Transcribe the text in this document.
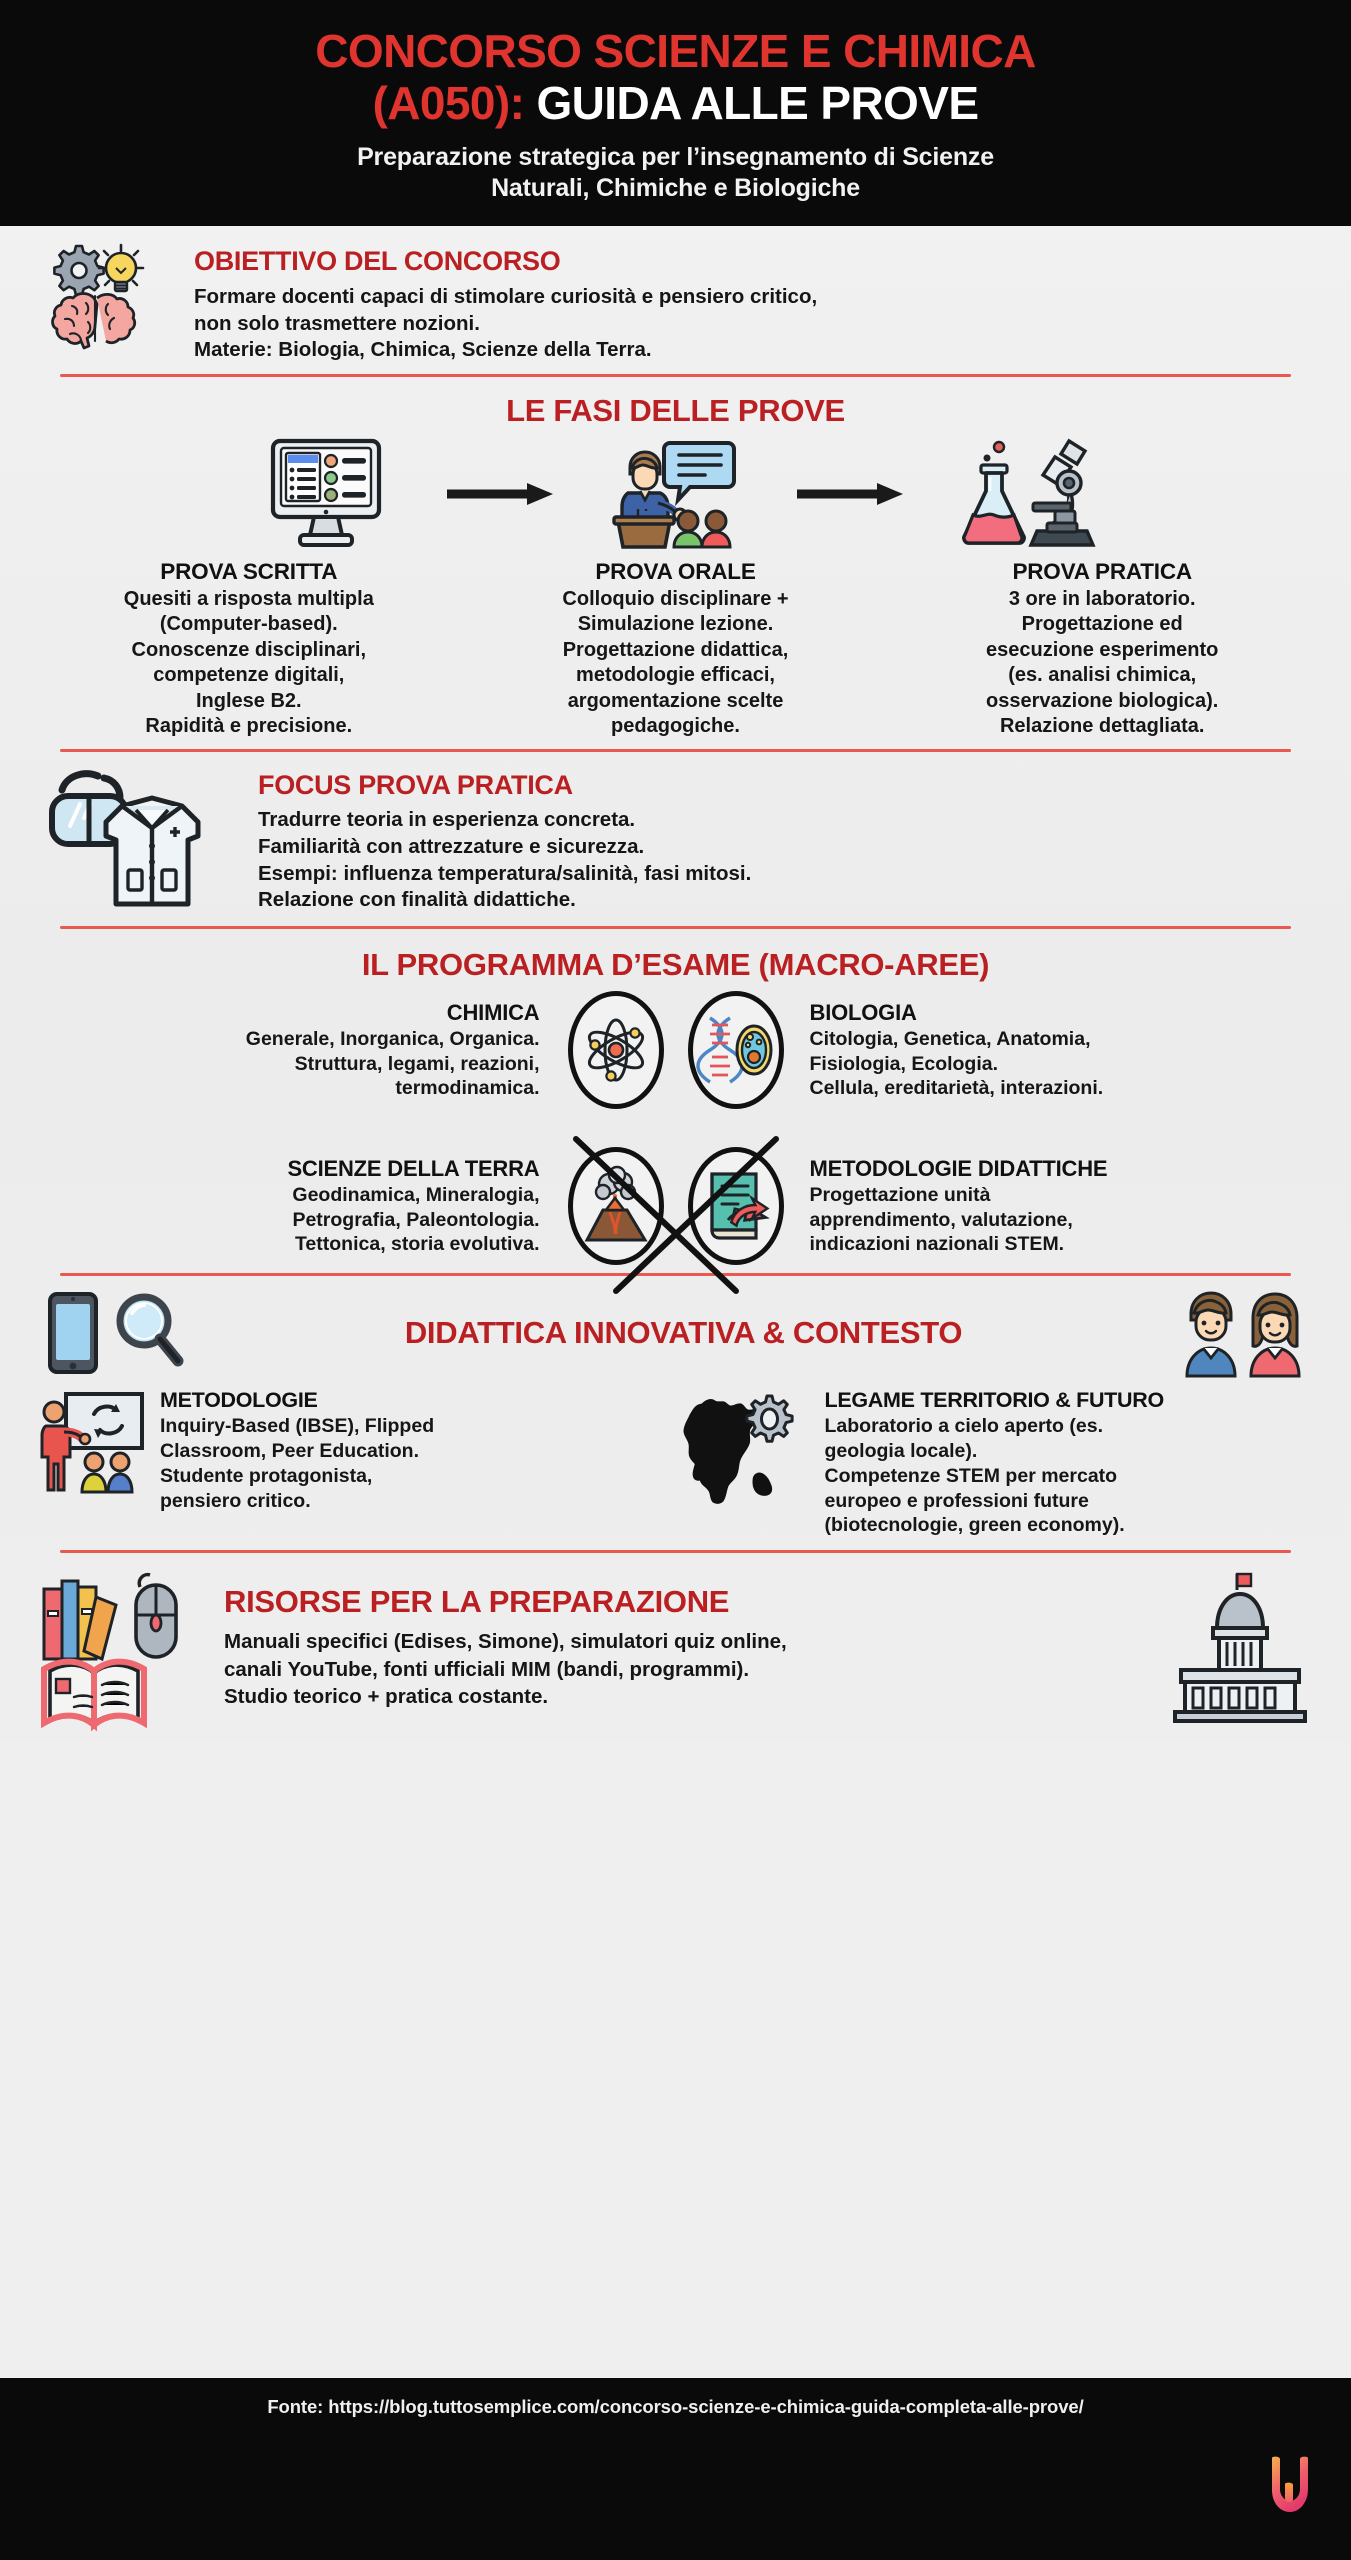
CONCORSO SCIENZE E CHIMICA
(A050): GUIDA ALLE PROVE
Preparazione strategica per l’insegnamento di Scienze
Naturali, Chimiche e Biologiche
OBIETTIVO DEL CONCORSO
Formare docenti capaci di stimolare curiosità e pensiero critico,
non solo trasmettere nozioni.
Materie: Biologia, Chimica, Scienze della Terra.
LE FASI DELLE PROVE
PROVA SCRITTA

Quesiti a risposta multipla

(Computer-based).

Conoscenze disciplinari,

competenze digitali,

Inglese B2.

Rapidità e precisione.

PROVA ORALE

Colloquio disciplinare +

Simulazione lezione.

Progettazione didattica,

metodologie efficaci,

argomentazione scelte

pedagogiche.

PROVA PRATICA

3 ore in laboratorio.

Progettazione ed

esecuzione esperimento

(es. analisi chimica,

osservazione biologica).

Relazione dettagliata.

FOCUS PROVA PRATICA
Tradurre teoria in esperienza concreta.
Familiarità con attrezzature e sicurezza.
Esempi: influenza temperatura/salinità, fasi mitosi.
Relazione con finalità didattiche.
IL PROGRAMMA D’ESAME (MACRO-AREE)
CHIMICA

Generale, Inorganica, Organica.

Struttura, legami, reazioni,

termodinamica.

BIOLOGIA

Citologia, Genetica, Anatomia,

Fisiologia, Ecologia.

Cellula, ereditarietà, interazioni.

SCIENZE DELLA TERRA

Geodinamica, Mineralogia,

Petrografia, Paleontologia.

Tettonica, storia evolutiva.

METODOLOGIE DIDATTICHE

Progettazione unità

apprendimento, valutazione,

indicazioni nazionali STEM.

DIDATTICA INNOVATIVA & CONTESTO
METODOLOGIE

Inquiry-Based (IBSE), Flipped

Classroom, Peer Education.

Studente protagonista,

pensiero critico.

LEGAME TERRITORIO & FUTURO

Laboratorio a cielo aperto (es.

geologia locale).

Competenze STEM per mercato

europeo e professioni future

(biotecnologie, green economy).

RISORSE PER LA PREPARAZIONE

Manuali specifici (Edises, Simone), simulatori quiz online,

canali YouTube, fonti ufficiali MIM (bandi, programmi).

Studio teorico + pratica costante.

Fonte: https://blog.tuttosemplice.com/concorso-scienze-e-chimica-guida-completa-alle-prove/
